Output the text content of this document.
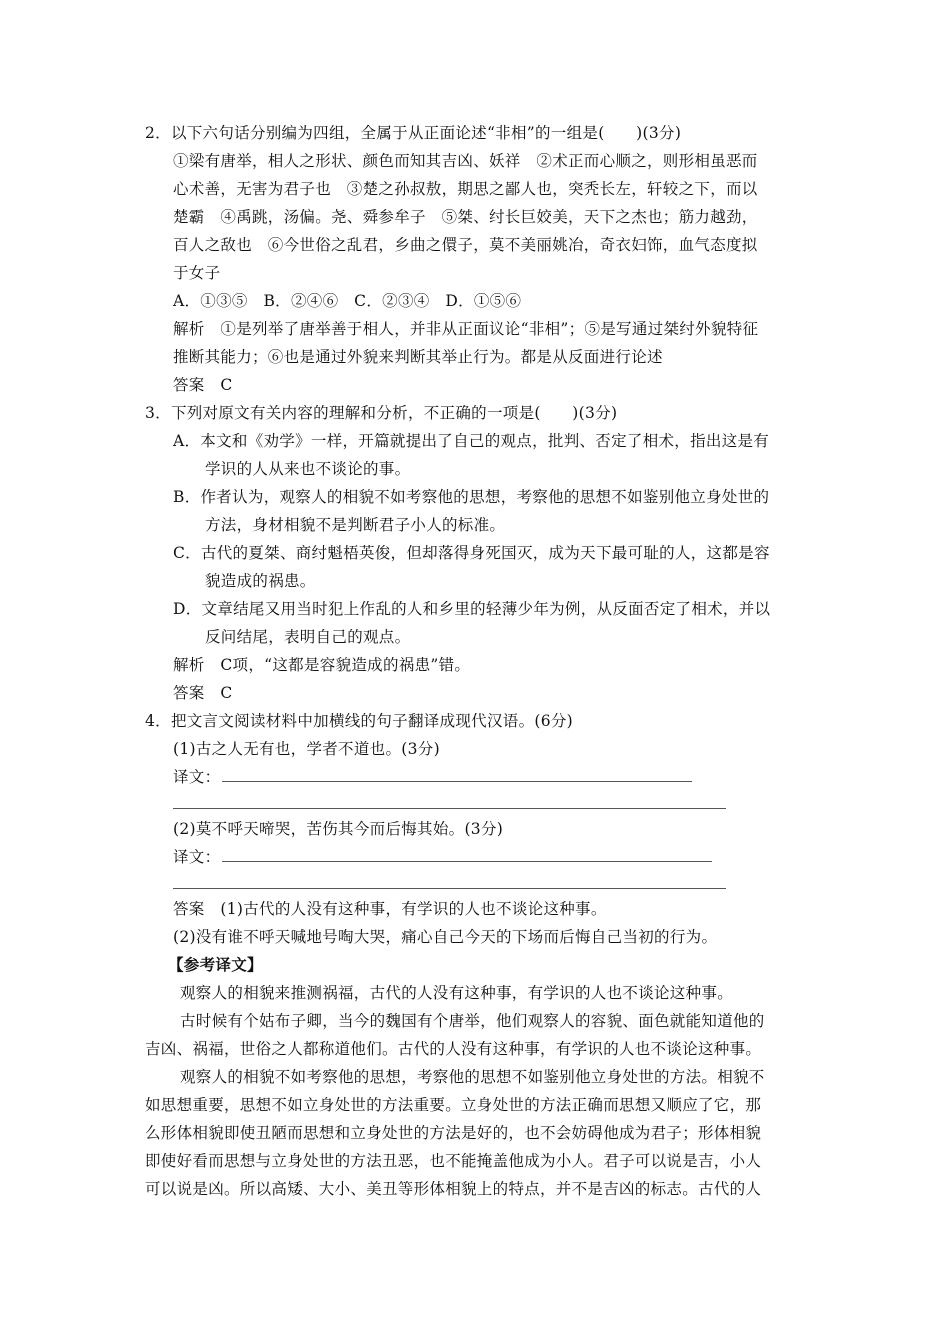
2．以下六句话分别编为四组，全属于从正面论述“非相”的一组是(　　)(3分)
①梁有唐举，相人之形状、颜色而知其吉凶、妖祥　②术正而心顺之，则形相虽恶而
心术善，无害为君子也　③楚之孙叔敖，期思之鄙人也，突秃长左，轩较之下，而以
楚霸　④禹跳，汤偏。尧、舜参牟子　⑤桀、纣长巨姣美，天下之杰也；筋力越劲，
百人之敌也　⑥今世俗之乱君，乡曲之儇子，莫不美丽姚冶，奇衣妇饰，血气态度拟
于女子
A．①③⑤　B．②④⑥　C．②③④　D．①⑤⑥
解析　①是列举了唐举善于相人，并非从正面议论“非相”；⑤是写通过桀纣外貌特征
推断其能力；⑥也是通过外貌来判断其举止行为。都是从反面进行论述
答案　C
3．下列对原文有关内容的理解和分析，不正确的一项是(　　)(3分)
A．本文和《劝学》一样，开篇就提出了自己的观点，批判、否定了相术，指出这是有
学识的人从来也不谈论的事。
B．作者认为，观察人的相貌不如考察他的思想，考察他的思想不如鉴别他立身处世的
方法，身材相貌不是判断君子小人的标准。
C．古代的夏桀、商纣魁梧英俊，但却落得身死国灭，成为天下最可耻的人，这都是容
貌造成的祸患。
D．文章结尾又用当时犯上作乱的人和乡里的轻薄少年为例，从反面否定了相术，并以
反问结尾，表明自己的观点。
解析　C项，“这都是容貌造成的祸患”错。
答案　C
4．把文言文阅读材料中加横线的句子翻译成现代汉语。(6分)
(1)古之人无有也，学者不道也。(3分)
译文：
(2)莫不呼天啼哭，苦伤其今而后悔其始。(3分)
译文：
答案　(1)古代的人没有这种事，有学识的人也不谈论这种事。
(2)没有谁不呼天喊地号啕大哭，痛心自己今天的下场而后悔自己当初的行为。
【参考译文】
观察人的相貌来推测祸福，古代的人没有这种事，有学识的人也不谈论这种事。
古时候有个姑布子卿，当今的魏国有个唐举，他们观察人的容貌、面色就能知道他的
吉凶、祸福，世俗之人都称道他们。古代的人没有这种事，有学识的人也不谈论这种事。
观察人的相貌不如考察他的思想，考察他的思想不如鉴别他立身处世的方法。相貌不
如思想重要，思想不如立身处世的方法重要。立身处世的方法正确而思想又顺应了它，那
么形体相貌即使丑陋而思想和立身处世的方法是好的，也不会妨碍他成为君子；形体相貌
即使好看而思想与立身处世的方法丑恶，也不能掩盖他成为小人。君子可以说是吉，小人
可以说是凶。所以高矮、大小、美丑等形体相貌上的特点，并不是吉凶的标志。古代的人
